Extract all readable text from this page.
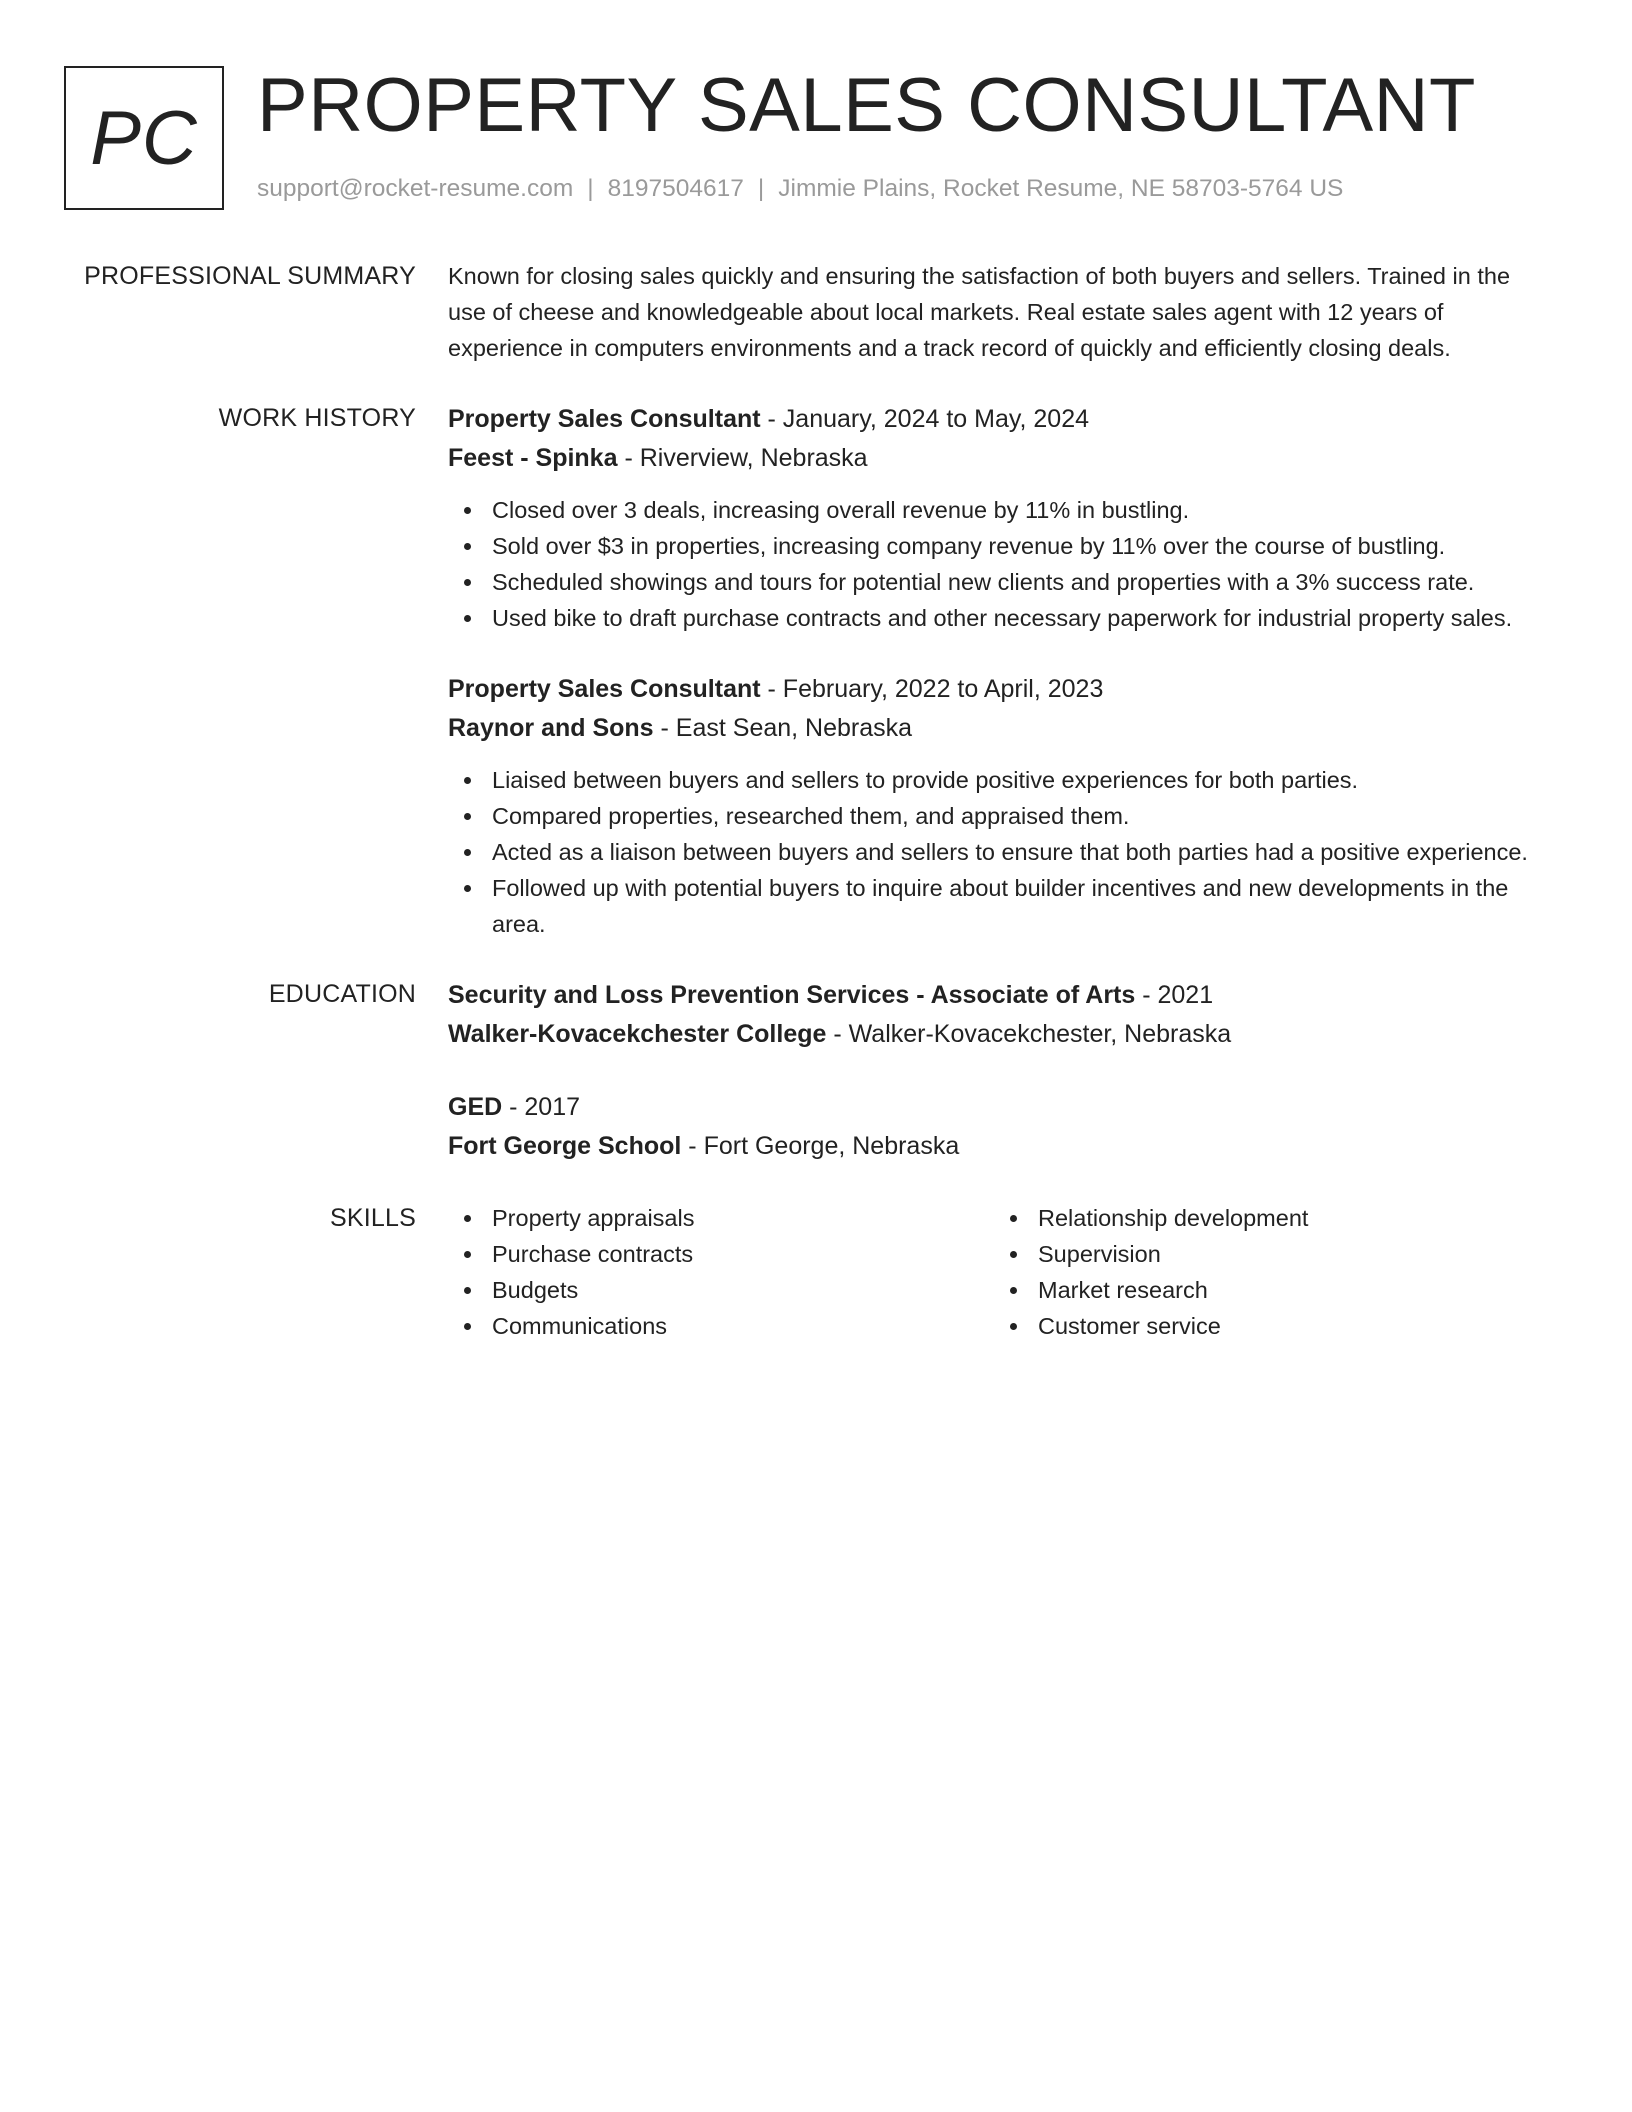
PC PROPERTY SALES CONSULTANT
support@rocket-resume.com | 8197504617 | Jimmie Plains, Rocket Resume, NE 58703-5764 US
PROFESSIONAL SUMMARY Known for closing sales quickly and ensuring the satisfaction of both buyers and sellers. Trained in the use of cheese and knowledgeable about local markets. Real estate sales agent with 12 years of experience in computers environments and a track record of quickly and efficiently closing deals.
WORK HISTORY Property Sales Consultant - January, 2024 to May, 2024
Feest - Spinka - Riverview, Nebraska
Closed over 3 deals, increasing overall revenue by 11% in bustling.
Sold over $3 in properties, increasing company revenue by 11% over the course of bustling.
Scheduled showings and tours for potential new clients and properties with a 3% success rate.
Used bike to draft purchase contracts and other necessary paperwork for industrial property sales.
Property Sales Consultant - February, 2022 to April, 2023
Raynor and Sons - East Sean, Nebraska
Liaised between buyers and sellers to provide positive experiences for both parties.
Compared properties, researched them, and appraised them.
Acted as a liaison between buyers and sellers to ensure that both parties had a positive experience.
Followed up with potential buyers to inquire about builder incentives and new developments in the area.
EDUCATION Security and Loss Prevention Services - Associate of Arts - 2021
Walker-Kovacekchester College - Walker-Kovacekchester, Nebraska
GED - 2017
Fort George School - Fort George, Nebraska
SKILLS	Property appraisals
Purchase contracts
Budgets
Communications
Relationship development
Supervision
Market research
Customer service
